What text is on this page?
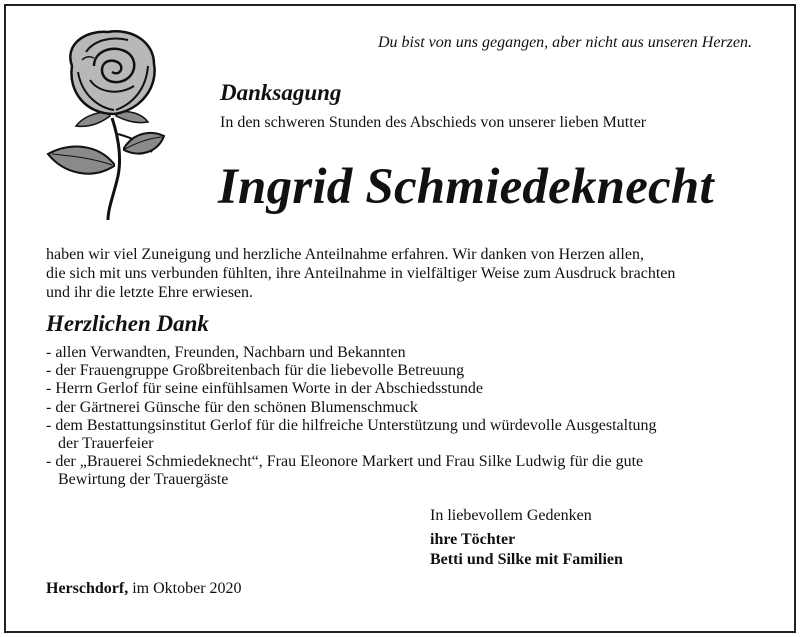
Du bist von uns gegangen, aber nicht aus unseren Herzen.
Danksagung
In den schweren Stunden des Abschieds von unserer lieben Mutter
Ingrid Schmiedeknecht
haben wir viel Zuneigung und herzliche Anteilnahme erfahren. Wir danken von Herzen allen,
die sich mit uns verbunden fühlten, ihre Anteilnahme in vielfältiger Weise zum Ausdruck brachten
und ihr die letzte Ehre erwiesen.
Herzlichen Dank
- allen Verwandten, Freunden, Nachbarn und Bekannten
- der Frauengruppe Großbreitenbach für die liebevolle Betreuung
- Herrn Gerlof für seine einfühlsamen Worte in der Abschiedsstunde
- der Gärtnerei Günsche für den schönen Blumenschmuck
- dem Bestattungsinstitut Gerlof für die hilfreiche Unterstützung und würdevolle Ausgestaltung
der Trauerfeier
- der „Brauerei Schmiedeknecht“, Frau Eleonore Markert und Frau Silke Ludwig für die gute
Bewirtung der Trauergäste
In liebevollem Gedenken
ihre Töchter
Betti und Silke mit Familien
Herschdorf, im Oktober 2020
